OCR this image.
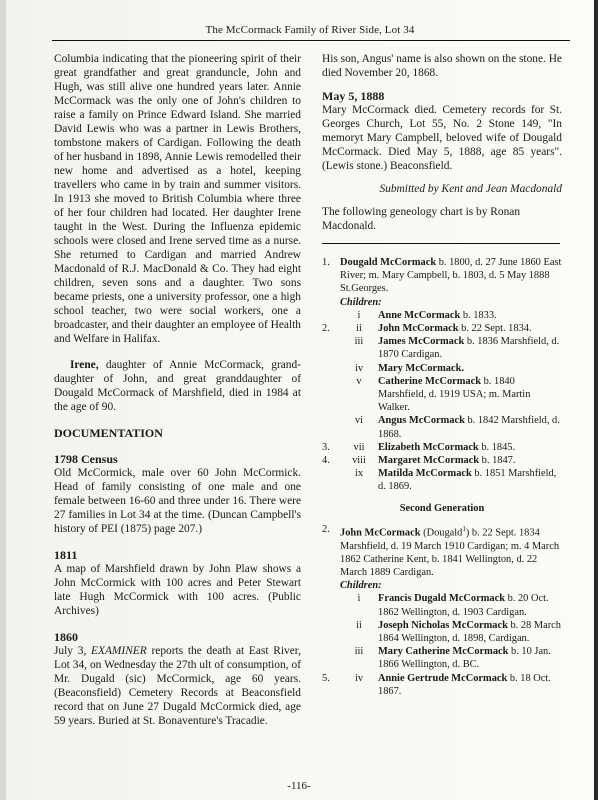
The McCormack Family of River Side, Lot 34

Columbia indicating that the pioneering spirit of their great grandfather and great granduncle, John and Hugh, was still alive one hundred years later. Annie McCormack was the only one of John's children to raise a family on Prince Edward Island. She married David Lewis who was a partner in Lewis Brothers, tombstone makers of Cardigan. Following the death of her husband in 1898, Annie Lewis remodelled their new home and advertised as a hotel, keeping travellers who came in by train and summer visitors. In 1913 she moved to British Columbia where three of her four children had located. Her daughter Irene taught in the West. During the Influenza epidemic schools were closed and Irene served time as a nurse. She returned to Cardigan and married Andrew Macdonald of R.J. MacDonald & Co. They had eight children, seven sons and a daughter. Two sons became priests, one a university professor, one a high school teacher, two were social workers, one a broadcaster, and their daughter an employee of Health and Welfare in Halifax.

Irene, daughter of Annie McCormack, grand-daughter of John, and great granddaughter of Dougald McCormack of Marshfield, died in 1984 at the age of 90.

DOCUMENTATION

1798 Census

Old McCormick, male over 60 John McCormick. Head of family consisting of one male and one female between 16-60 and three under 16. There were 27 families in Lot 34 at the time. (Duncan Campbell's history of PEI (1875) page 207.)

1811

A map of Marshfield drawn by John Plaw shows a John McCormick with 100 acres and Peter Stewart late Hugh McCormick with 100 acres. (Public Archives)

1860

July 3, EXAMINER reports the death at East River, Lot 34, on Wednesday the 27th ult of consumption, of Mr. Dugald (sic) McCormick, age 60 years. (Beaconsfield) Cemetery Records at Beaconsfield record that on June 27 Dugald McCormick died, age 59 years. Buried at St. Bonaventure's Tracadie.

His son, Angus' name is also shown on the stone. He died November 20, 1868.

May 5, 1888

Mary McCormack died. Cemetery records for St. Georges Church, Lot 55, No. 2 Stone 149, "In memoryt Mary Campbell, beloved wife of Dougald McCormack. Died May 5, 1888, age 85 years". (Lewis stone.) Beaconsfield.

Submitted by Kent and Jean Macdonald

The following geneology chart is by Ronan Macdonald.

1. Dougald McCormack b. 1800, d. 27 June 1860 East River; m. Mary Campbell, b. 1803, d. 5 May 1888 St.Georges.
Children:
i	Anne McCormack b. 1833.
2.	ii	John McCormack b. 22 Sept. 1834.
iii	James McCormack b. 1836 Marshfield, d. 1870 Cardigan.
iv	Mary McCormack.
v	Catherine McCormack b. 1840 Marshfield, d. 1919 USA; m. Martin Walker.
vi	Angus McCormack b. 1842 Marshfield, d. 1868.
3.	vii	Elizabeth McCormack b. 1845.
4.	viii	Margaret McCormack b. 1847.
ix	Matilda McCormack b. 1851 Marshfield, d. 1869.
Second Generation
2. John McCormack (Dougald$^1$) b. 22 Sept. 1834 Marshfield, d. 19 March 1910 Cardigan; m. 4 March 1862 Catherine Kent, b. 1841 Wellington, d. 22 March 1889 Cardigan.
Children:
i	Francis Dugald McCormack b. 20 Oct. 1862 Wellington, d. 1903 Cardigan.
ii	Joseph Nicholas McCormack b. 28 March 1864 Wellington, d. 1898, Cardigan.
iii	Mary Catherine McCormack b. 10 Jan. 1866 Wellington, d. BC.
5.	iv	Annie Gertrude McCormack b. 18 Oct. 1867.
-116-
